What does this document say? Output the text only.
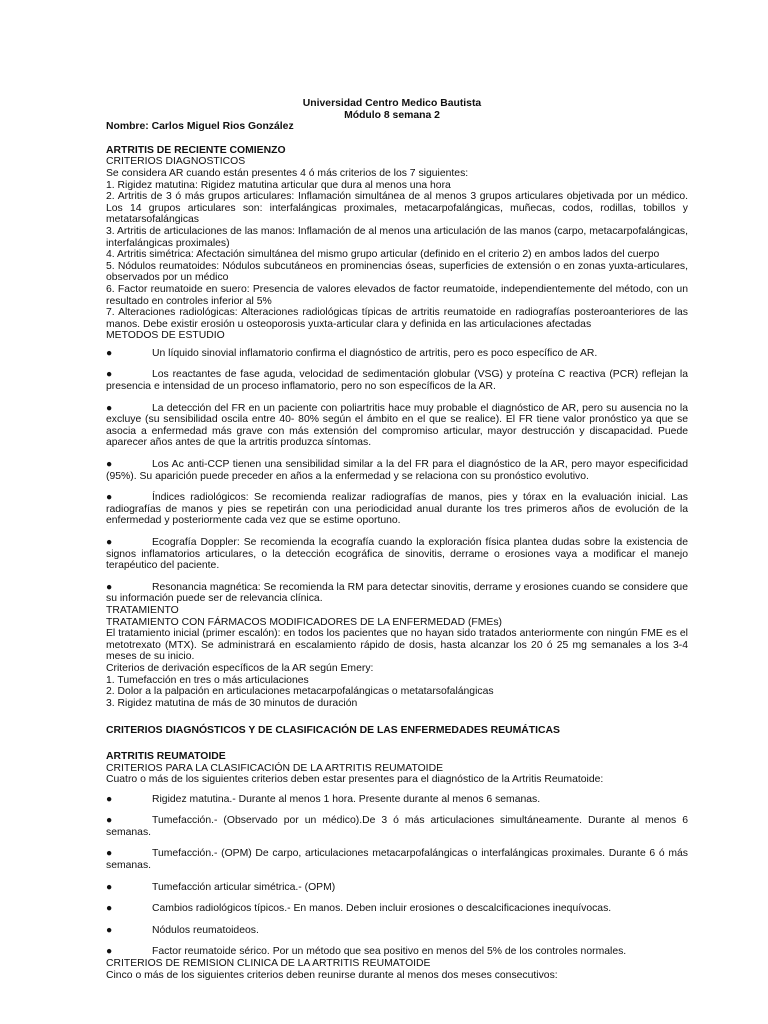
Universidad Centro Medico Bautista
Módulo 8 semana 2
Nombre: Carlos Miguel Rios González
ARTRITIS DE RECIENTE COMIENZO
CRITERIOS DIAGNOSTICOS
Se considera AR cuando están presentes 4 ó más criterios de los 7 siguientes:
1. Rigidez matutina: Rigidez matutina articular que dura al menos una hora
2. Artritis de 3 ó más grupos articulares: Inflamación simultánea de al menos 3 grupos articulares objetivada por un médico. Los 14 grupos articulares son: interfalángicas proximales, metacarpofalángicas, muñecas, codos, rodillas, tobillos y metatarsofalángicas
3. Artritis de articulaciones de las manos: Inflamación de al menos una articulación de las manos (carpo, metacarpofalángicas, interfalángicas proximales)
4. Artritis simétrica: Afectación simultánea del mismo grupo articular (definido en el criterio 2) en ambos lados del cuerpo
5. Nódulos reumatoides: Nódulos subcutáneos en prominencias óseas, superficies de extensión o en zonas yuxta-articulares, observados por un médico
6. Factor reumatoide en suero: Presencia de valores elevados de factor reumatoide, independientemente del método, con un resultado en controles inferior al 5%
7. Alteraciones radiológicas: Alteraciones radiológicas típicas de artritis reumatoide en radiografías posteroanteriores de las manos. Debe existir erosión u osteoporosis yuxta-articular clara y definida en las articulaciones afectadas
METODOS DE ESTUDIO
●	Un líquido sinovial inflamatorio confirma el diagnóstico de artritis, pero es poco específico de AR.
●	Los reactantes de fase aguda, velocidad de sedimentación globular (VSG) y proteína C reactiva (PCR) reflejan la presencia e intensidad de un proceso inflamatorio, pero no son específicos de la AR.
●	La detección del FR en un paciente con poliartritis hace muy probable el diagnóstico de AR, pero su ausencia no la excluye (su sensibilidad oscila entre 40- 80% según el ámbito en el que se realice). El FR tiene valor pronóstico ya que se asocia a enfermedad más grave con más extensión del compromiso articular, mayor destrucción y discapacidad. Puede aparecer años antes de que la artritis produzca síntomas.
●	Los Ac anti-CCP tienen una sensibilidad similar a la del FR para el diagnóstico de la AR, pero mayor especificidad (95%). Su aparición puede preceder en años a la enfermedad y se relaciona con su pronóstico evolutivo.
●	Índices radiológicos: Se recomienda realizar radiografías de manos, pies y tórax en la evaluación inicial. Las radiografías de manos y pies se repetirán con una periodicidad anual durante los tres primeros años de evolución de la enfermedad y posteriormente cada vez que se estime oportuno.
●	Ecografía Doppler: Se recomienda la ecografía cuando la exploración física plantea dudas sobre la existencia de signos inflamatorios articulares, o la detección ecográfica de sinovitis, derrame o erosiones vaya a modificar el manejo terapéutico del paciente.
●	Resonancia magnética: Se recomienda la RM para detectar sinovitis, derrame y erosiones cuando se considere que su información puede ser de relevancia clínica.
TRATAMIENTO
TRATAMIENTO CON FÁRMACOS MODIFICADORES DE LA ENFERMEDAD (FMEs)
El tratamiento inicial (primer escalón): en todos los pacientes que no hayan sido tratados anteriormente con ningún FME es el metotrexato (MTX). Se administrará en escalamiento rápido de dosis, hasta alcanzar los 20 ó 25 mg semanales a los 3-4 meses de su inicio.
Criterios de derivación específicos de la AR según Emery:
1. Tumefacción en tres o más articulaciones
2. Dolor a la palpación en articulaciones metacarpofalángicas o metatarsofalángicas
3. Rigidez matutina de más de 30 minutos de duración
CRITERIOS DIAGNÓSTICOS Y DE CLASIFICACIÓN DE LAS ENFERMEDADES REUMÁTICAS
ARTRITIS REUMATOIDE
CRITERIOS PARA LA CLASIFICACIÓN DE LA ARTRITIS REUMATOIDE
Cuatro o más de los siguientes criterios deben estar presentes para el diagnóstico de la Artritis Reumatoide:
●	Rigidez matutina.- Durante al menos 1 hora. Presente durante al menos 6 semanas.
●	Tumefacción.- (Observado por un médico).De 3 ó más articulaciones simultáneamente. Durante al menos 6 semanas.
●	Tumefacción.- (OPM) De carpo, articulaciones metacarpofalángicas o interfalángicas proximales. Durante 6 ó más semanas.
●	Tumefacción articular simétrica.- (OPM)
●	Cambios radiológicos típicos.- En manos. Deben incluir erosiones o descalcificaciones inequívocas.
●	Nódulos reumatoideos.
●	Factor reumatoide sérico. Por un método que sea positivo en menos del 5% de los controles normales.
CRITERIOS DE REMISION CLINICA DE LA ARTRITIS REUMATOIDE
Cinco o más de los siguientes criterios deben reunirse durante al menos dos meses consecutivos:
